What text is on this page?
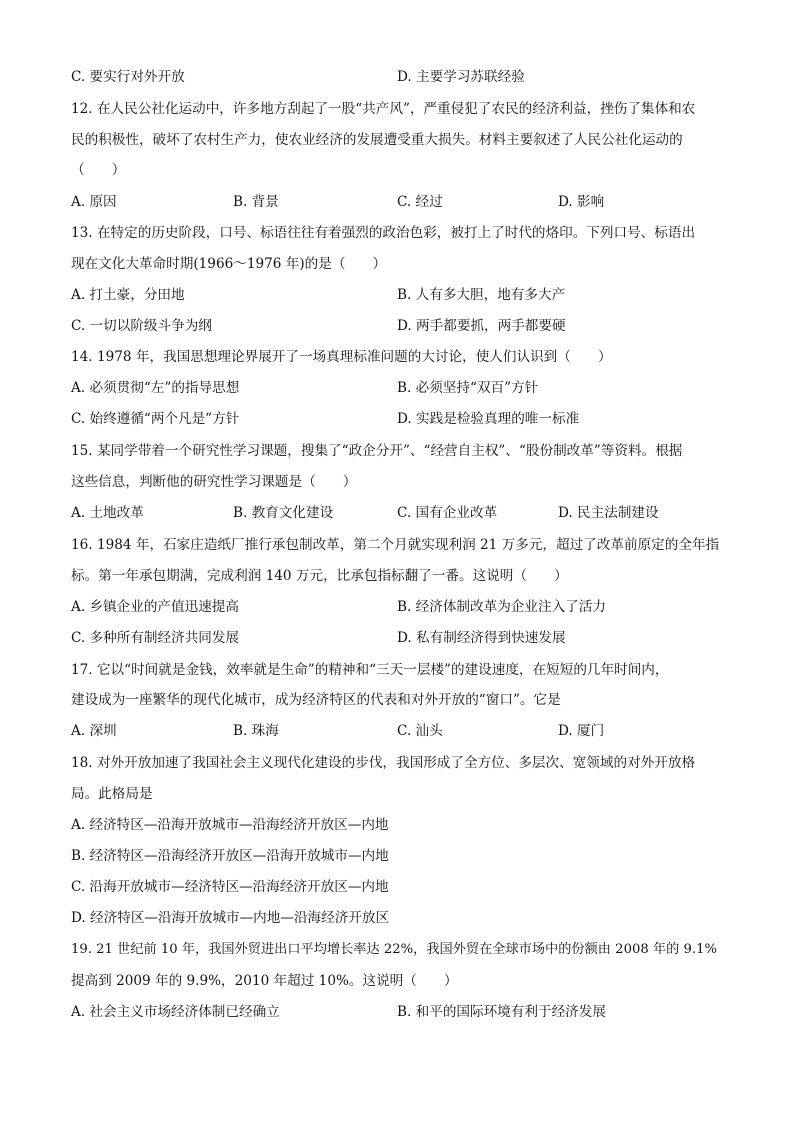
C. 要实行对外开放	D. 主要学习苏联经验
12. 在人民公社化运动中，许多地方刮起了一股“共产风”，严重侵犯了农民的经济利益，挫伤了集体和农
民的积极性，破坏了农村生产力，使农业经济的发展遭受重大损失。材料主要叙述了人民公社化运动的
（　　）
A. 原因	B. 背景	C. 经过	D. 影响
13. 在特定的历史阶段，口号、标语往往有着强烈的政治色彩，被打上了时代的烙印。下列口号、标语出
现在文化大革命时期(1966～1976 年)的是（　　）
A. 打土豪，分田地	B. 人有多大胆，地有多大产
C. 一切以阶级斗争为纲	D. 两手都要抓，两手都要硬
14. 1978 年，我国思想理论界展开了一场真理标准问题的大讨论，使人们认识到（　　）
A. 必须贯彻“左”的指导思想	B. 必须坚持“双百”方针
C. 始终遵循“两个凡是”方针	D. 实践是检验真理的唯一标准
15. 某同学带着一个研究性学习课题，搜集了“政企分开”、“经营自主权”、“股份制改革”等资料。根据
这些信息，判断他的研究性学习课题是（　　）
A. 土地改革	B. 教育文化建设	C. 国有企业改革	D. 民主法制建设
16. 1984 年，石家庄造纸厂推行承包制改革，第二个月就实现利润 21 万多元，超过了改革前原定的全年指
标。第一年承包期满，完成利润 140 万元，比承包指标翻了一番。这说明（　　）
A. 乡镇企业的产值迅速提高	B. 经济体制改革为企业注入了活力
C. 多种所有制经济共同发展	D. 私有制经济得到快速发展
17. 它以“时间就是金钱，效率就是生命”的精神和“三天一层楼”的建设速度，在短短的几年时间内，
建设成为一座繁华的现代化城市，成为经济特区的代表和对外开放的“窗口”。它是
A. 深圳	B. 珠海	C. 汕头	D. 厦门
18. 对外开放加速了我国社会主义现代化建设的步伐，我国形成了全方位、多层次、宽领域的对外开放格
局。此格局是
A. 经济特区—沿海开放城市—沿海经济开放区—内地
B. 经济特区—沿海经济开放区—沿海开放城市—内地
C. 沿海开放城市—经济特区—沿海经济开放区—内地
D. 经济特区—沿海开放城市—内地—沿海经济开放区
19. 21 世纪前 10 年，我国外贸进出口平均增长率达 22%，我国外贸在全球市场中的份额由 2008 年的 9.1%
提高到 2009 年的 9.9%，2010 年超过 10%。这说明（　　）
A. 社会主义市场经济体制已经确立	B. 和平的国际环境有利于经济发展
